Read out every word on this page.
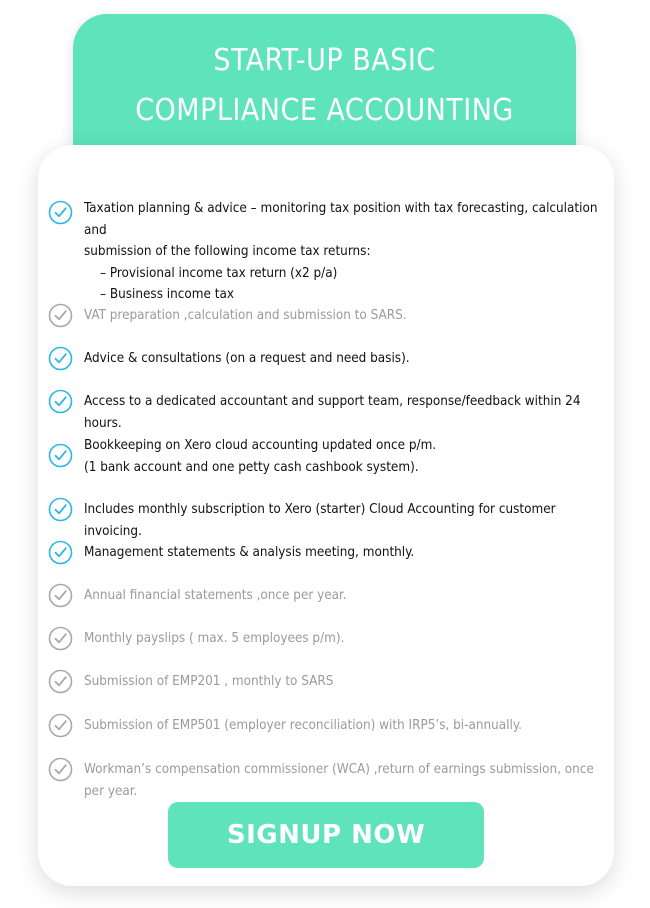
START-UP BASIC
COMPLIANCE ACCOUNTING
Taxation planning & advice – monitoring tax position with tax forecasting, calculation and
submission of the following income tax returns:
– Provisional income tax return (x2 p/a)
– Business income tax
VAT preparation ,calculation and submission to SARS.
Advice & consultations (on a request and need basis).
Access to a dedicated accountant and support team, response/feedback within 24 hours.
Bookkeeping on Xero cloud accounting updated once p/m.
(1 bank account and one petty cash cashbook system).
Includes monthly subscription to Xero (starter) Cloud Accounting for customer invoicing.
Management statements & analysis meeting, monthly.
Annual financial statements ,once per year.
Monthly payslips ( max. 5 employees p/m).
Submission of EMP201 , monthly to SARS
Submission of EMP501 (employer reconciliation) with IRP5’s, bi-annually.
Workman’s compensation commissioner (WCA) ,return of earnings submission, once per year.
SIGNUP NOW
